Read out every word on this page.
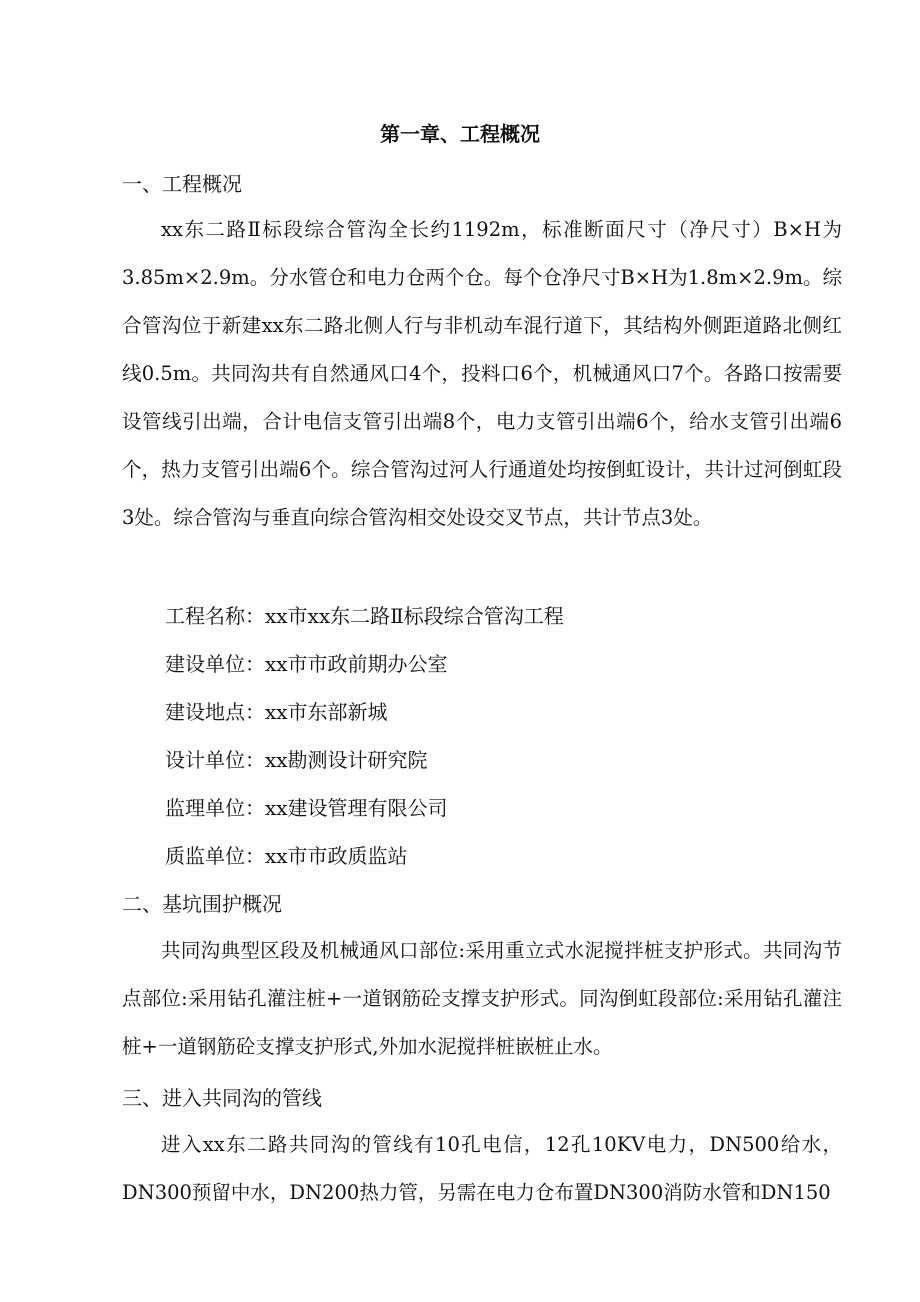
第一章、工程概况
一、工程概况
xx东二路Ⅱ标段综合管沟全长约1192m，标准断面尺寸（净尺寸）B×H为3.85m×2.9m。分水管仓和电力仓两个仓。每个仓净尺寸B×H为1.8m×2.9m。综合管沟位于新建xx东二路北侧人行与非机动车混行道下，其结构外侧距道路北侧红线0.5m。共同沟共有自然通风口4个，投料口6个，机械通风口7个。各路口按需要设管线引出端，合计电信支管引出端8个，电力支管引出端6个，给水支管引出端6个，热力支管引出端6个。综合管沟过河人行通道处均按倒虹设计，共计过河倒虹段3处。综合管沟与垂直向综合管沟相交处设交叉节点，共计节点3处。
工程名称：xx市xx东二路Ⅱ标段综合管沟工程
建设单位：xx市市政前期办公室
建设地点：xx市东部新城
设计单位：xx勘测设计研究院
监理单位：xx建设管理有限公司
质监单位：xx市市政质监站
二、基坑围护概况
共同沟典型区段及机械通风口部位:采用重立式水泥搅拌桩支护形式。共同沟节点部位:采用钻孔灌注桩+一道钢筋砼支撑支护形式。同沟倒虹段部位:采用钻孔灌注桩+一道钢筋砼支撑支护形式,外加水泥搅拌桩嵌桩止水。
三、进入共同沟的管线
进入xx东二路共同沟的管线有10孔电信，12孔10KV电力，DN500给水，DN300预留中水，DN200热力管，另需在电力仓布置DN300消防水管和DN150
